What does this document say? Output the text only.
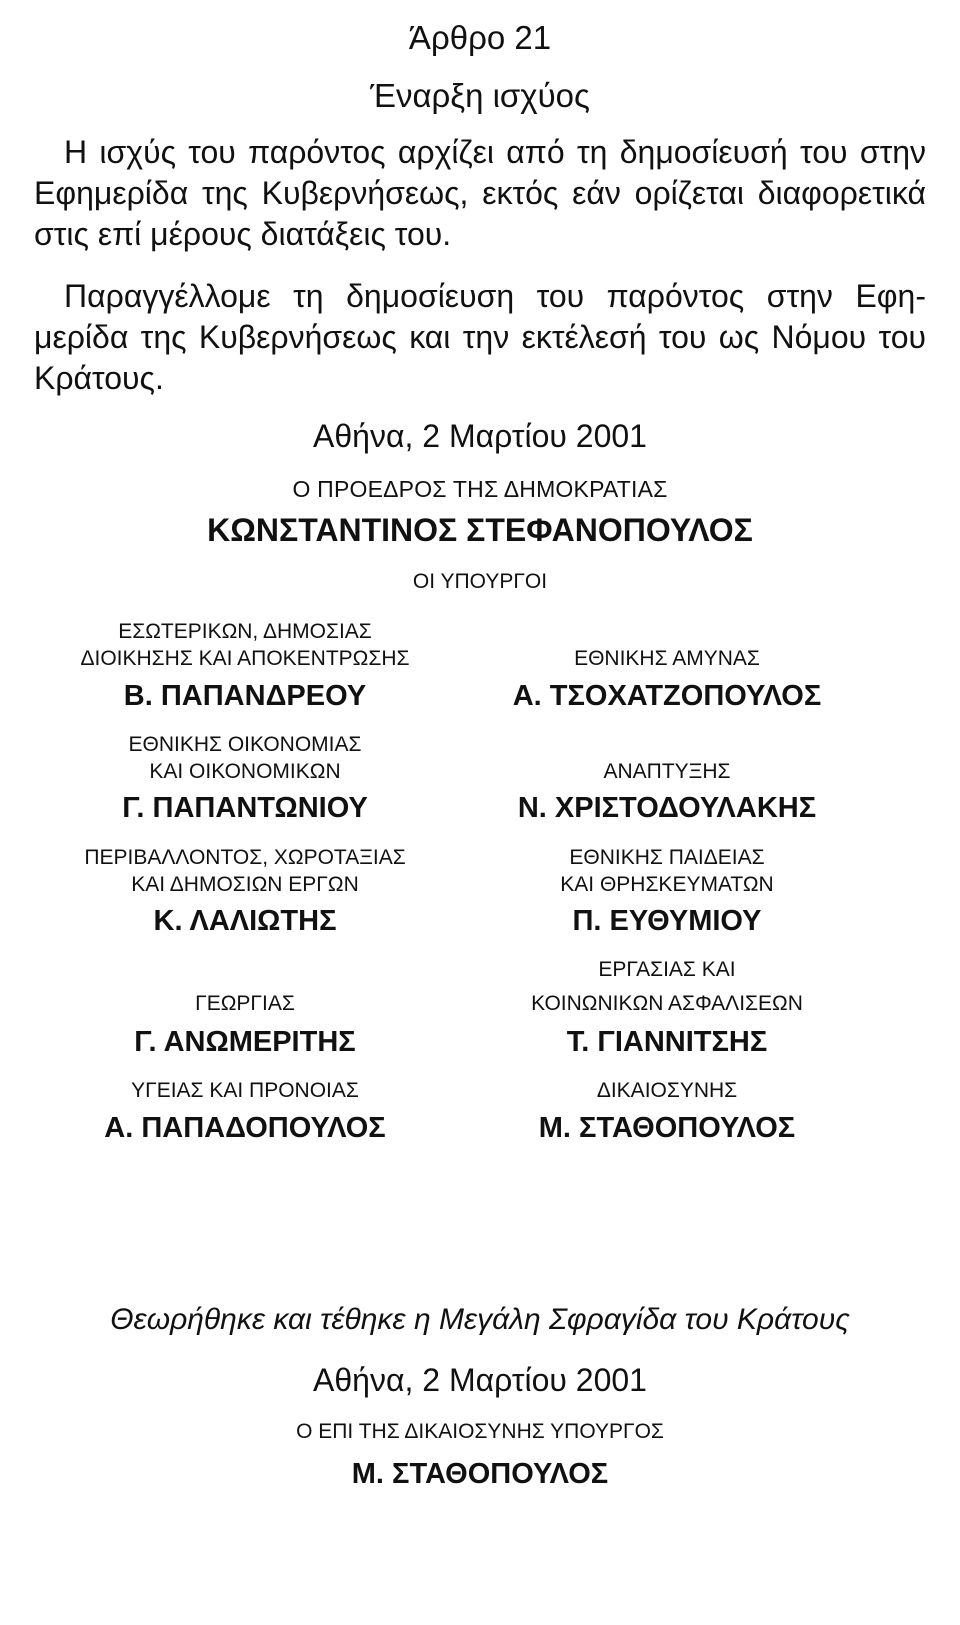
Άρθρο 21
Έναρξη ισχύος

Η ισχύς του παρόντος αρχίζει από τη δημοσίευσή του στην Εφημερίδα της Κυβερνήσεως, εκτός εάν ορίζεται διαφορετικά στις επί μέρους διατάξεις του.

Παραγγέλλομε τη δημοσίευση του παρόντος στην Εφημερίδα της Κυβερνήσεως και την εκτέλεσή του ως Νόμου του Κράτους.

Αθήνα, 2 Μαρτίου 2001
Ο ΠΡΟΕΔΡΟΣ ΤΗΣ ΔΗΜΟΚΡΑΤΙΑΣ
ΚΩΝΣΤΑΝΤΙΝΟΣ ΣΤΕΦΑΝΟΠΟΥΛΟΣ
ΟΙ ΥΠΟΥΡΓΟΙ
ΕΣΩΤΕΡΙΚΩΝ, ΔΗΜΟΣΙΑΣ
ΔΙΟΙΚΗΣΗΣ ΚΑΙ ΑΠΟΚΕΝΤΡΩΣΗΣ
Β. ΠΑΠΑΝΔΡΕΟΥ
ΕΘΝΙΚΗΣ ΟΙΚΟΝΟΜΙΑΣ
ΚΑΙ ΟΙΚΟΝΟΜΙΚΩΝ
Γ. ΠΑΠΑΝΤΩΝΙΟΥ
ΠΕΡΙΒΑΛΛΟΝΤΟΣ, ΧΩΡΟΤΑΞΙΑΣ
ΚΑΙ ΔΗΜΟΣΙΩΝ ΕΡΓΩΝ
Κ. ΛΑΛΙΩΤΗΣ
ΓΕΩΡΓΙΑΣ
Γ. ΑΝΩΜΕΡΙΤΗΣ
ΥΓΕΙΑΣ ΚΑΙ ΠΡΟΝΟΙΑΣ
Α. ΠΑΠΑΔΟΠΟΥΛΟΣ
ΕΘΝΙΚΗΣ ΑΜΥΝΑΣ
Α. ΤΣΟΧΑΤΖΟΠΟΥΛΟΣ
ΑΝΑΠΤΥΞΗΣ
Ν. ΧΡΙΣΤΟΔΟΥΛΑΚΗΣ
ΕΘΝΙΚΗΣ ΠΑΙΔΕΙΑΣ
ΚΑΙ ΘΡΗΣΚΕΥΜΑΤΩΝ
Π. ΕΥΘΥΜΙΟΥ
ΕΡΓΑΣΙΑΣ ΚΑΙ
ΚΟΙΝΩΝΙΚΩΝ ΑΣΦΑΛΙΣΕΩΝ
Τ. ΓΙΑΝΝΙΤΣΗΣ
ΔΙΚΑΙΟΣΥΝΗΣ
Μ. ΣΤΑΘΟΠΟΥΛΟΣ
Θεωρήθηκε και τέθηκε η Μεγάλη Σφραγίδα του Κράτους
Αθήνα, 2 Μαρτίου 2001
Ο ΕΠΙ ΤΗΣ ΔΙΚΑΙΟΣΥΝΗΣ ΥΠΟΥΡΓΟΣ
Μ. ΣΤΑΘΟΠΟΥΛΟΣ
